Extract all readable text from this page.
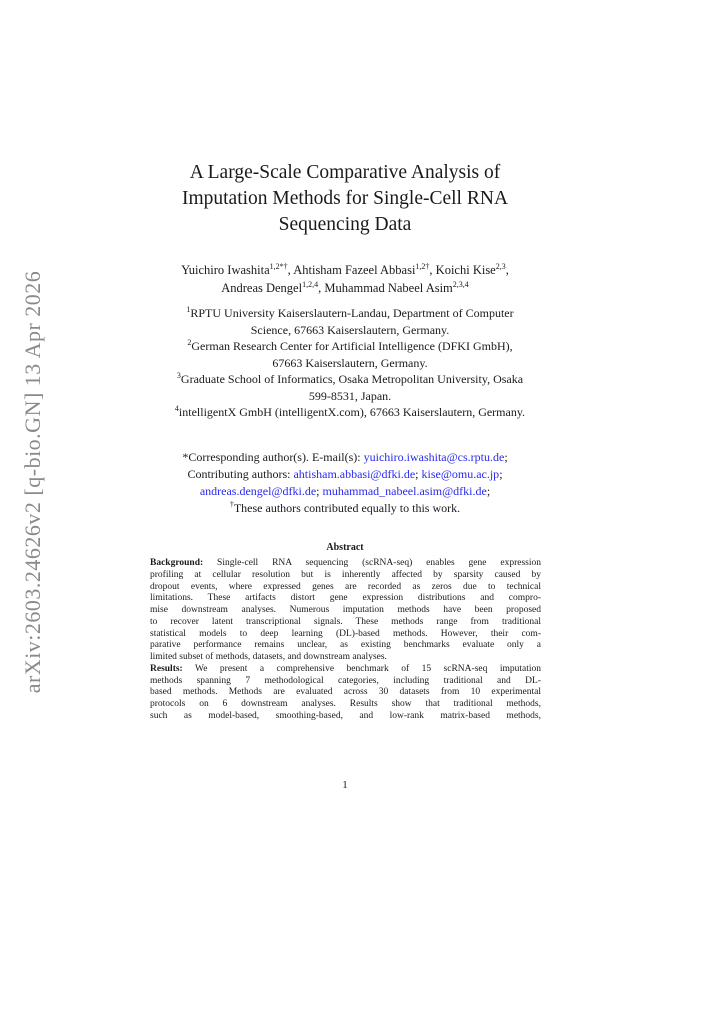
arXiv:2603.24626v2 [q-bio.GN] 13 Apr 2026
A Large-Scale Comparative Analysis of
Imputation Methods for Single-Cell RNA
Sequencing Data
Yuichiro Iwashita$^{1,2*\dagger}$, Ahtisham Fazeel Abbasi$^{1,2\dagger}$, Koichi Kise$^{2,3}$,
Andreas Dengel$^{1,2,4}$, Muhammad Nabeel Asim$^{2,3,4}$
$^1$RPTU University Kaiserslautern-Landau, Department of Computer
Science, 67663 Kaiserslautern, Germany.
$^2$German Research Center for Artificial Intelligence (DFKI GmbH),
67663 Kaiserslautern, Germany.
$^3$Graduate School of Informatics, Osaka Metropolitan University, Osaka
599-8531, Japan.
$^4$intelligentX GmbH (intelligentX.com), 67663 Kaiserslautern, Germany.
*Corresponding author(s). E-mail(s): yuichiro.iwashita@cs.rptu.de;
Contributing authors: ahtisham.abbasi@dfki.de; kise@omu.ac.jp;
andreas.dengel@dfki.de; muhammad_nabeel.asim@dfki.de;
†These authors contributed equally to this work.
Abstract
Background: Single-cell RNA sequencing (scRNA-seq) enables gene expression
profiling at cellular resolution but is inherently affected by sparsity caused by
dropout events, where expressed genes are recorded as zeros due to technical
limitations. These artifacts distort gene expression distributions and compro-
mise downstream analyses. Numerous imputation methods have been proposed
to recover latent transcriptional signals. These methods range from traditional
statistical models to deep learning (DL)-based methods. However, their com-
parative performance remains unclear, as existing benchmarks evaluate only a
limited subset of methods, datasets, and downstream analyses.
Results: We present a comprehensive benchmark of 15 scRNA-seq imputation
methods spanning 7 methodological categories, including traditional and DL-
based methods. Methods are evaluated across 30 datasets from 10 experimental
protocols on 6 downstream analyses. Results show that traditional methods,
such as model-based, smoothing-based, and low-rank matrix-based methods,
1
